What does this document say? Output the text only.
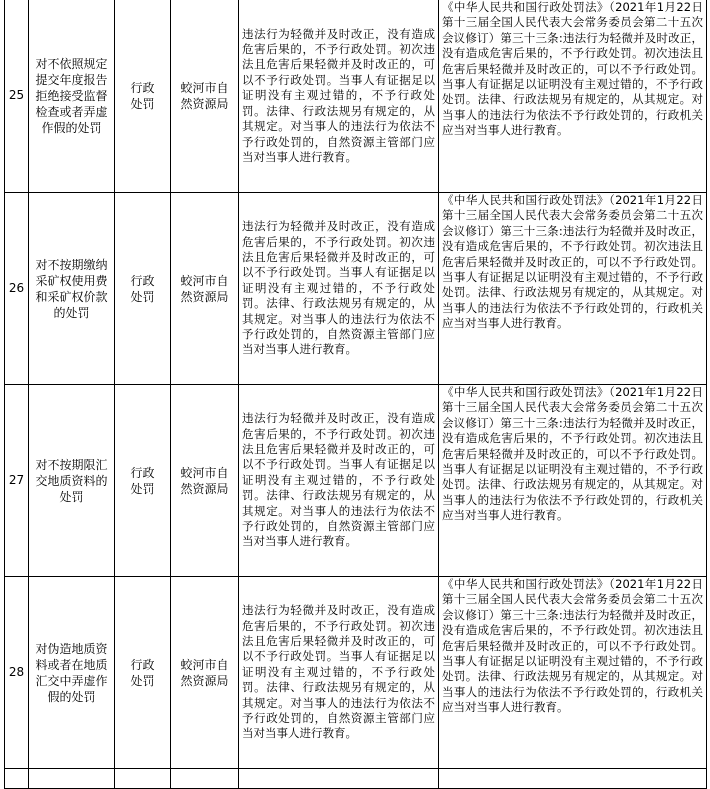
25	对不依照规定提交年度报告拒绝接受监督检查或者弄虚作假的处罚	行政处罚	蛟河市自然资源局	违法行为轻微并及时改正，没有造成危害后果的，不予行政处罚。初次违法且危害后果轻微并及时改正的，可以不予行政处罚。当事人有证据足以证明没有主观过错的，不予行政处罚。法律、行政法规另有规定的，从其规定。对当事人的违法行为依法不予行政处罚的，自然资源主管部门应当对当事人进行教育。	《中华人民共和国行政处罚法》（2021年1月22日第十三届全国人民代表大会常务委员会第二十五次会议修订）第三十三条:违法行为轻微并及时改正，没有造成危害后果的，不予行政处罚。初次违法且危害后果轻微并及时改正的，可以不予行政处罚。当事人有证据足以证明没有主观过错的，不予行政处罚。法律、行政法规另有规定的，从其规定。对当事人的违法行为依法不予行政处罚的，行政机关应当对当事人进行教育。
26	对不按期缴纳采矿权使用费和采矿权价款的处罚	行政处罚	蛟河市自然资源局	违法行为轻微并及时改正，没有造成危害后果的，不予行政处罚。初次违法且危害后果轻微并及时改正的，可以不予行政处罚。当事人有证据足以证明没有主观过错的，不予行政处罚。法律、行政法规另有规定的，从其规定。对当事人的违法行为依法不予行政处罚的，自然资源主管部门应当对当事人进行教育。	《中华人民共和国行政处罚法》（2021年1月22日第十三届全国人民代表大会常务委员会第二十五次会议修订）第三十三条:违法行为轻微并及时改正，没有造成危害后果的，不予行政处罚。初次违法且危害后果轻微并及时改正的，可以不予行政处罚。当事人有证据足以证明没有主观过错的，不予行政处罚。法律、行政法规另有规定的，从其规定。对当事人的违法行为依法不予行政处罚的，行政机关应当对当事人进行教育。
27	对不按期限汇交地质资料的处罚	行政处罚	蛟河市自然资源局	违法行为轻微并及时改正，没有造成危害后果的，不予行政处罚。初次违法且危害后果轻微并及时改正的，可以不予行政处罚。当事人有证据足以证明没有主观过错的，不予行政处罚。法律、行政法规另有规定的，从其规定。对当事人的违法行为依法不予行政处罚的，自然资源主管部门应当对当事人进行教育。	《中华人民共和国行政处罚法》（2021年1月22日第十三届全国人民代表大会常务委员会第二十五次会议修订）第三十三条:违法行为轻微并及时改正，没有造成危害后果的，不予行政处罚。初次违法且危害后果轻微并及时改正的，可以不予行政处罚。当事人有证据足以证明没有主观过错的，不予行政处罚。法律、行政法规另有规定的，从其规定。对当事人的违法行为依法不予行政处罚的，行政机关应当对当事人进行教育。
28	对伪造地质资料或者在地质汇交中弄虚作假的处罚	行政处罚	蛟河市自然资源局	违法行为轻微并及时改正，没有造成危害后果的，不予行政处罚。初次违法且危害后果轻微并及时改正的，可以不予行政处罚。当事人有证据足以证明没有主观过错的，不予行政处罚。法律、行政法规另有规定的，从其规定。对当事人的违法行为依法不予行政处罚的，自然资源主管部门应当对当事人进行教育。	《中华人民共和国行政处罚法》（2021年1月22日第十三届全国人民代表大会常务委员会第二十五次会议修订）第三十三条:违法行为轻微并及时改正，没有造成危害后果的，不予行政处罚。初次违法且危害后果轻微并及时改正的，可以不予行政处罚。当事人有证据足以证明没有主观过错的，不予行政处罚。法律、行政法规另有规定的，从其规定。对当事人的违法行为依法不予行政处罚的，行政机关应当对当事人进行教育。
